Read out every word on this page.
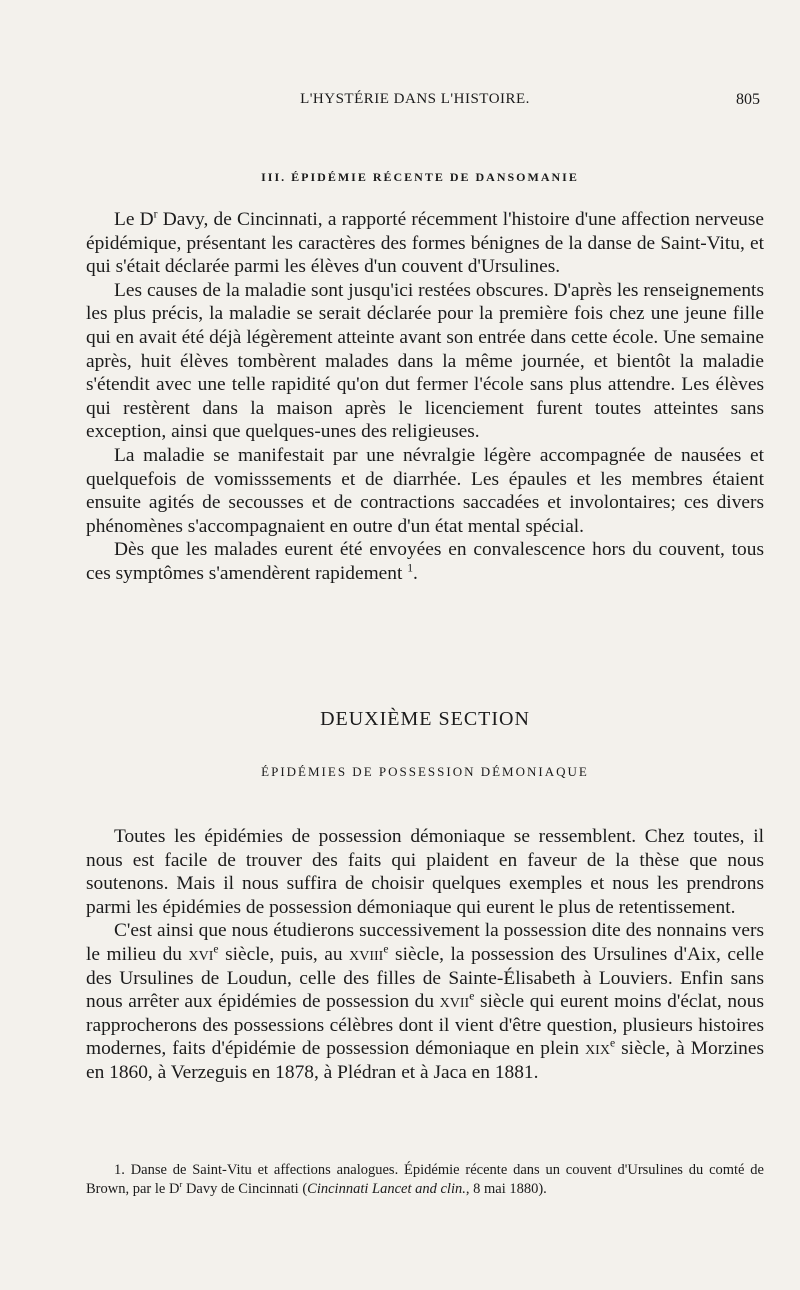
L'HYSTÉRIE DANS L'HISTOIRE.	805
III. ÉPIDÉMIE RÉCENTE DE DANSOMANIE

Le $D^r$ Davy, de Cincinnati, a rapporté récemment l'histoire d'une affection nerveuse épidémique, présentant les caractères des formes bénignes de la danse de Saint-Vitu, et qui s'était déclarée parmi les élèves d'un couvent d'Ursulines.

Les causes de la maladie sont jusqu'ici restées obscures. D'après les renseignements les plus précis, la maladie se serait déclarée pour la première fois chez une jeune fille qui en avait été déjà légèrement atteinte avant son entrée dans cette école. Une semaine après, huit élèves tombèrent malades dans la même journée, et bientôt la maladie s'étendit avec une telle rapidité qu'on dut fermer l'école sans plus attendre. Les élèves qui restèrent dans la maison après le licenciement furent toutes atteintes sans exception, ainsi que quelques-unes des religieuses.

La maladie se manifestait par une névralgie légère accompagnée de nausées et quelquefois de vomisssements et de diarrhée. Les épaules et les membres étaient ensuite agités de secousses et de contractions saccadées et involontaires; ces divers phénomènes s'accompagnaient en outre d'un état mental spécial.

Dès que les malades eurent été envoyées en convalescence hors du couvent, tous ces symptômes s'amendèrent rapidement $^1$.

DEUXIÈME SECTION
ÉPIDÉMIES DE POSSESSION DÉMONIAQUE

Toutes les épidémies de possession démoniaque se ressemblent. Chez toutes, il nous est facile de trouver des faits qui plaident en faveur de la thèse que nous soutenons. Mais il nous suffira de choisir quelques exemples et nous les prendrons parmi les épidémies de possession démoniaque qui eurent le plus de retentissement.

C'est ainsi que nous étudierons successivement la possession dite des nonnains vers le milieu du xvi$^e$ siècle, puis, au xviii$^e$ siècle, la possession des Ursulines d'Aix, celle des Ursulines de Loudun, celle des filles de Sainte-Élisabeth à Louviers. Enfin sans nous arrêter aux épidémies de possession du xvii$^e$ siècle qui eurent moins d'éclat, nous rapprocherons des possessions célèbres dont il vient d'être question, plusieurs histoires modernes, faits d'épidémie de possession démoniaque en plein xix$^e$ siècle, à Morzines en 1860, à Verzeguis en 1878, à Plédran et à Jaca en 1881.

1. Danse de Saint-Vitu et affections analogues. Épidémie récente dans un couvent d'Ursulines du comté de Brown, par le $D^r$ Davy de Cincinnati (Cincinnati Lancet and clin., 8 mai 1880).
